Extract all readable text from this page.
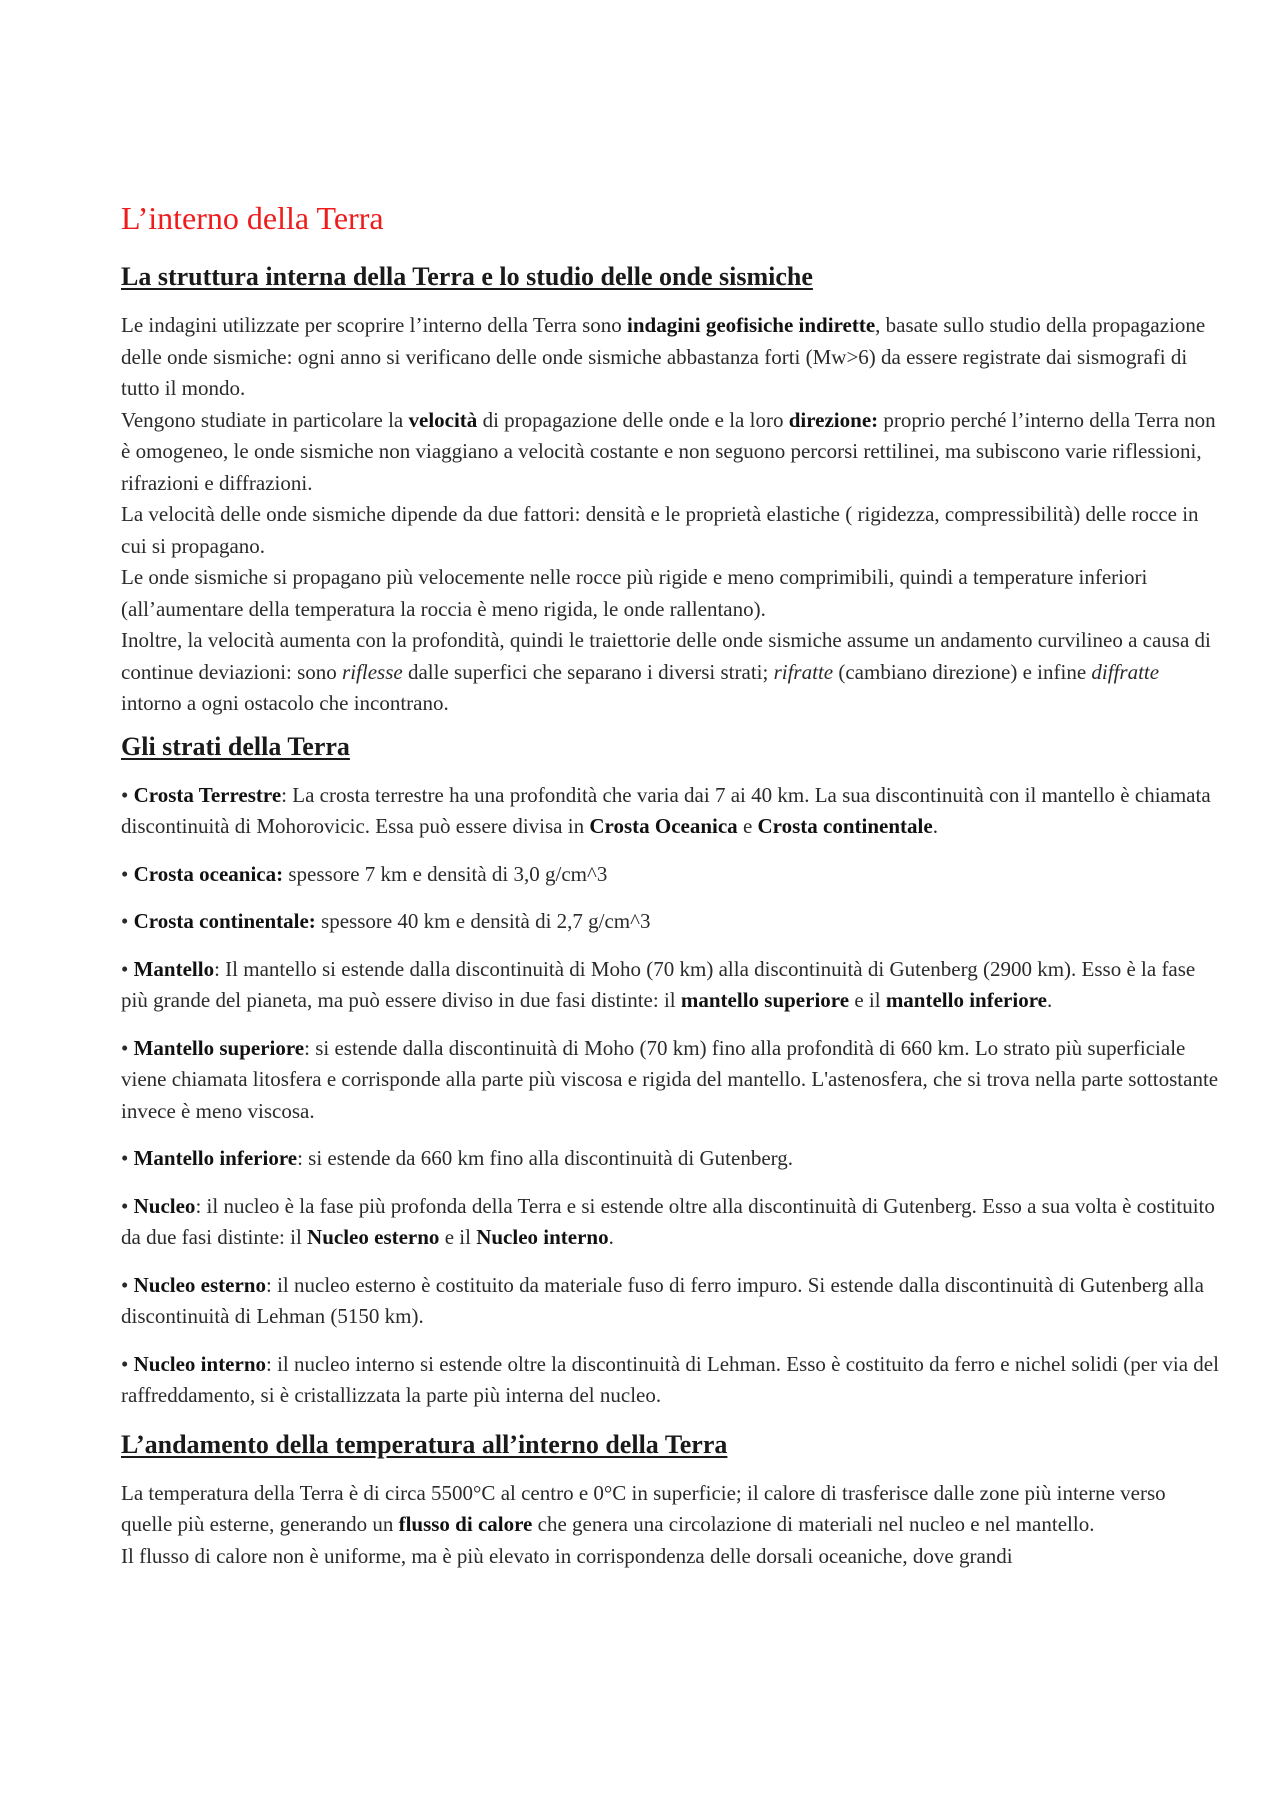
L’interno della Terra
La struttura interna della Terra e lo studio delle onde sismiche

Le indagini utilizzate per scoprire l’interno della Terra sono indagini geofisiche indirette, basate sullo studio della propagazione delle onde sismiche: ogni anno si verificano delle onde sismiche abbastanza forti (Mw>6) da essere registrate dai sismografi di tutto il mondo.

Vengono studiate in particolare la velocità di propagazione delle onde e la loro direzione: proprio perché l’interno della Terra non è omogeneo, le onde sismiche non viaggiano a velocità costante e non seguono percorsi rettilinei, ma subiscono varie riflessioni, rifrazioni e diffrazioni.

La velocità delle onde sismiche dipende da due fattori: densità e le proprietà elastiche ( rigidezza, compressibilità) delle rocce in cui si propagano.

Le onde sismiche si propagano più velocemente nelle rocce più rigide e meno comprimibili, quindi a temperature inferiori (all’aumentare della temperatura la roccia è meno rigida, le onde rallentano).

Inoltre, la velocità aumenta con la profondità, quindi le traiettorie delle onde sismiche assume un andamento curvilineo a causa di continue deviazioni: sono riflesse dalle superfici che separano i diversi strati; rifratte (cambiano direzione) e infine diffratte intorno a ogni ostacolo che incontrano.

Gli strati della Terra

• Crosta Terrestre: La crosta terrestre ha una profondità che varia dai 7 ai 40 km. La sua discontinuità con il mantello è chiamata discontinuità di Mohorovicic. Essa può essere divisa in Crosta Oceanica e Crosta continentale.

• Crosta oceanica: spessore 7 km e densità di 3,0 g/cm^3

• Crosta continentale: spessore 40 km e densità di 2,7 g/cm^3

• Mantello: Il mantello si estende dalla discontinuità di Moho (70 km) alla discontinuità di Gutenberg (2900 km). Esso è la fase più grande del pianeta, ma può essere diviso in due fasi distinte: il mantello superiore e il mantello inferiore.

• Mantello superiore: si estende dalla discontinuità di Moho (70 km) fino alla profondità di 660 km. Lo strato più superficiale viene chiamata litosfera e corrisponde alla parte più viscosa e rigida del mantello. L'astenosfera, che si trova nella parte sottostante invece è meno viscosa.

• Mantello inferiore: si estende da 660 km fino alla discontinuità di Gutenberg.

• Nucleo: il nucleo è la fase più profonda della Terra e si estende oltre alla discontinuità di Gutenberg. Esso a sua volta è costituito da due fasi distinte: il Nucleo esterno e il Nucleo interno.

• Nucleo esterno: il nucleo esterno è costituito da materiale fuso di ferro impuro. Si estende dalla discontinuità di Gutenberg alla discontinuità di Lehman (5150 km).

• Nucleo interno: il nucleo interno si estende oltre la discontinuità di Lehman. Esso è costituito da ferro e nichel solidi (per via del raffreddamento, si è cristallizzata la parte più interna del nucleo.

L’andamento della temperatura all’interno della Terra

La temperatura della Terra è di circa 5500°C al centro e 0°C in superficie; il calore di trasferisce dalle zone più interne verso quelle più esterne, generando un flusso di calore che genera una circolazione di materiali nel nucleo e nel mantello.

Il flusso di calore non è uniforme, ma è più elevato in corrispondenza delle dorsali oceaniche, dove grandi
